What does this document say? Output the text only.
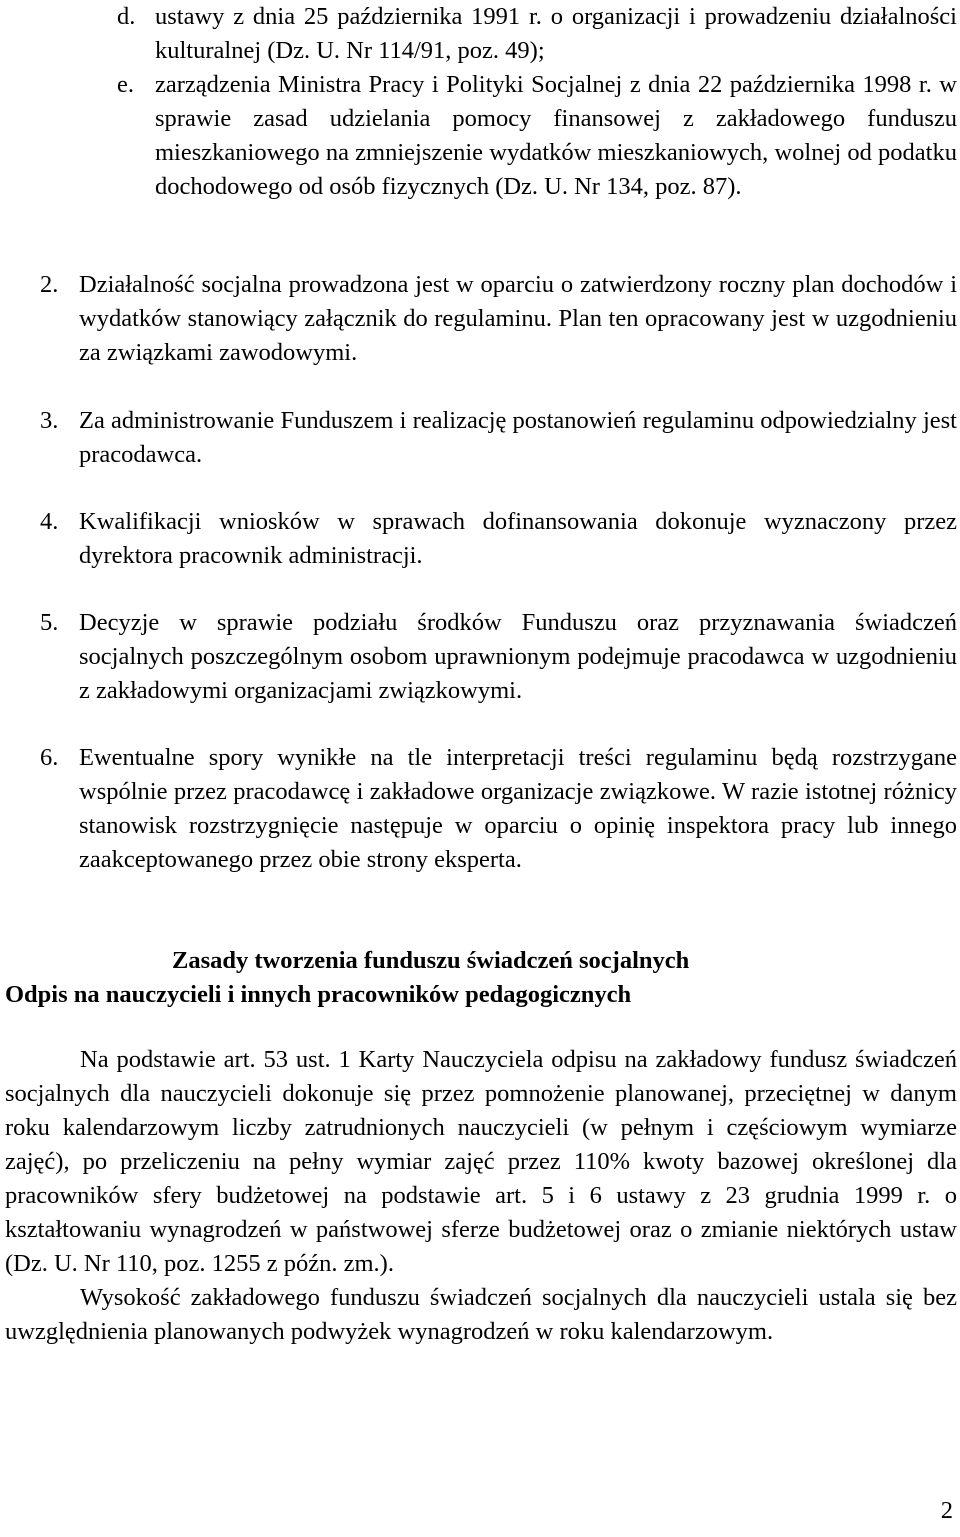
d. ustawy z dnia 25 października 1991 r. o organizacji i prowadzeniu działalności kulturalnej (Dz. U. Nr 114/91, poz. 49);
e. zarządzenia Ministra Pracy i Polityki Socjalnej z dnia 22 października 1998 r. w sprawie zasad udzielania pomocy finansowej z zakładowego funduszu mieszkaniowego na zmniejszenie wydatków mieszkaniowych, wolnej od podatku dochodowego od osób fizycznych (Dz. U. Nr 134, poz. 87).
2. Działalność socjalna prowadzona jest w oparciu o zatwierdzony roczny plan dochodów i wydatków stanowiący załącznik do regulaminu. Plan ten opracowany jest w uzgodnieniu za związkami zawodowymi.
3. Za administrowanie Funduszem i realizację postanowień regulaminu odpowiedzialny jest pracodawca.
4. Kwalifikacji wniosków w sprawach dofinansowania dokonuje wyznaczony przez dyrektora pracownik administracji.
5. Decyzje w sprawie podziału środków Funduszu oraz przyznawania świadczeń socjalnych poszczególnym osobom uprawnionym podejmuje pracodawca w uzgodnieniu z zakładowymi organizacjami związkowymi.
6. Ewentualne spory wynikłe na tle interpretacji treści regulaminu będą rozstrzygane wspólnie przez pracodawcę i zakładowe organizacje związkowe. W razie istotnej różnicy stanowisk rozstrzygnięcie następuje w oparciu o opinię inspektora pracy lub innego zaakceptowanego przez obie strony eksperta.
Zasady tworzenia funduszu świadczeń socjalnych
Odpis na nauczycieli i innych pracowników pedagogicznych
Na podstawie art. 53 ust. 1 Karty Nauczyciela odpisu na zakładowy fundusz świadczeń socjalnych dla nauczycieli dokonuje się przez pomnożenie planowanej, przeciętnej w danym roku kalendarzowym liczby zatrudnionych nauczycieli (w pełnym i częściowym wymiarze zajęć), po przeliczeniu na pełny wymiar zajęć przez 110% kwoty bazowej określonej dla pracowników sfery budżetowej na podstawie art. 5 i 6 ustawy z 23 grudnia 1999 r. o kształtowaniu wynagrodzeń w państwowej sferze budżetowej oraz o zmianie niektórych ustaw (Dz. U. Nr 110, poz. 1255 z późn. zm.).
Wysokość zakładowego funduszu świadczeń socjalnych dla nauczycieli ustala się bez uwzględnienia planowanych podwyżek wynagrodzeń w roku kalendarzowym.
2
